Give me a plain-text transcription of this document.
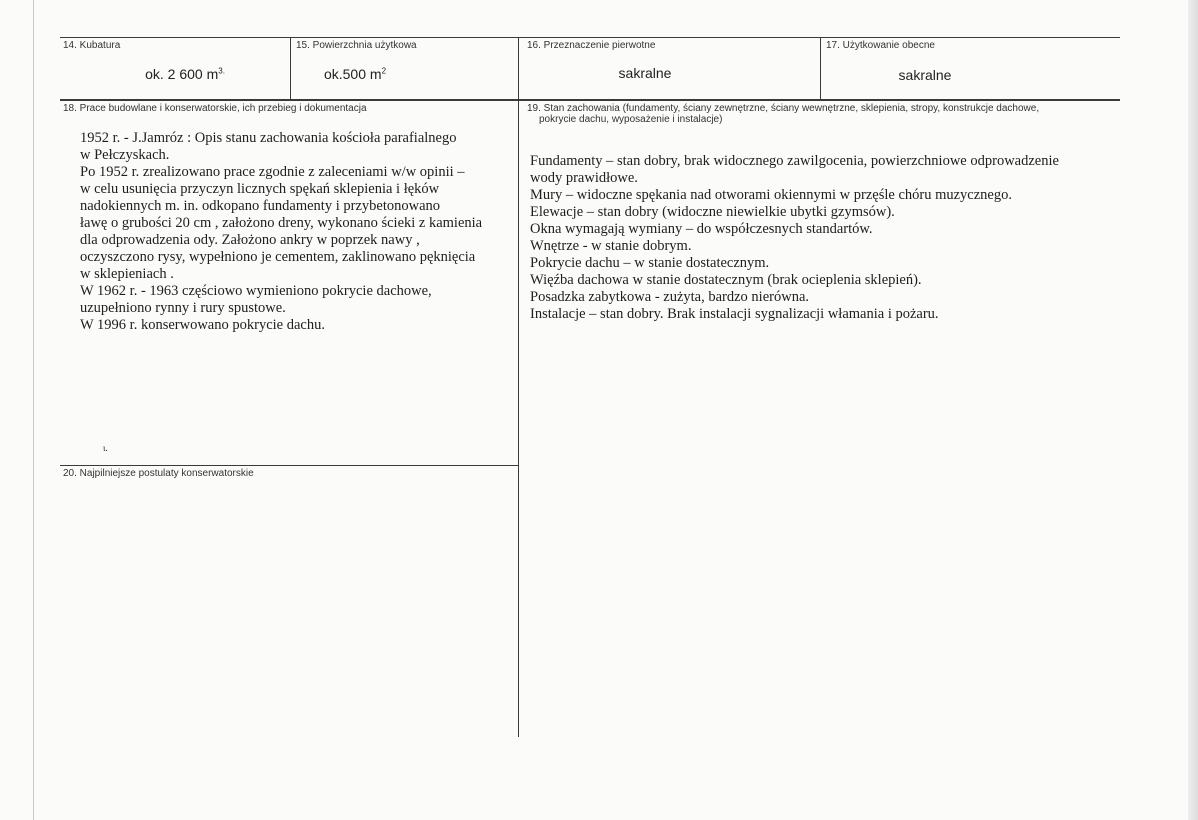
14. Kubatura
ok. 2 600 $m^{3.}$
15. Powierzchnia użytkowa
ok.500 $m^2$
16. Przeznaczenie pierwotne
sakralne
17. Użytkowanie obecne
sakralne
18. Prace budowlane i konserwatorskie, ich przebieg i dokumentacja
1952 r. - J.Jamróz : Opis stanu zachowania kościoła parafialnego
w Pełczyskach.
Po 1952 r. zrealizowano prace zgodnie z zaleceniami w/w opinii –
w celu usunięcia przyczyn licznych spękań sklepienia i łęków
nadokiennych m. in. odkopano fundamenty i przybetonowano
ławę o grubości 20 cm , założono dreny, wykonano ścieki z kamienia
dla odprowadzenia ody. Założono ankry w poprzek nawy ,
oczyszczono rysy, wypełniono je cementem, zaklinowano pęknięcia
w sklepieniach .
W 1962 r. - 1963 częściowo wymieniono pokrycie dachowe,
uzupełniono rynny i rury spustowe.
W 1996 r. konserwowano pokrycie dachu.
ι.
19. Stan zachowania (fundamenty, ściany zewnętrzne, ściany wewnętrzne, sklepienia, stropy, konstrukcje dachowe,
pokrycie dachu, wyposażenie i instalacje)
Fundamenty – stan dobry, brak widocznego zawilgocenia, powierzchniowe odprowadzenie
wody prawidłowe.
Mury – widoczne spękania nad otworami okiennymi w przęśle chóru muzycznego.
Elewacje – stan dobry (widoczne niewielkie ubytki gzymsów).
Okna wymagają wymiany – do współczesnych standartów.
Wnętrze - w stanie dobrym.
Pokrycie dachu – w stanie dostatecznym.
Więźba dachowa w stanie dostatecznym (brak ocieplenia sklepień).
Posadzka zabytkowa - zużyta, bardzo nierówna.
Instalacje – stan dobry. Brak instalacji sygnalizacji włamania i pożaru.
20. Najpilniejsze postulaty konserwatorskie
